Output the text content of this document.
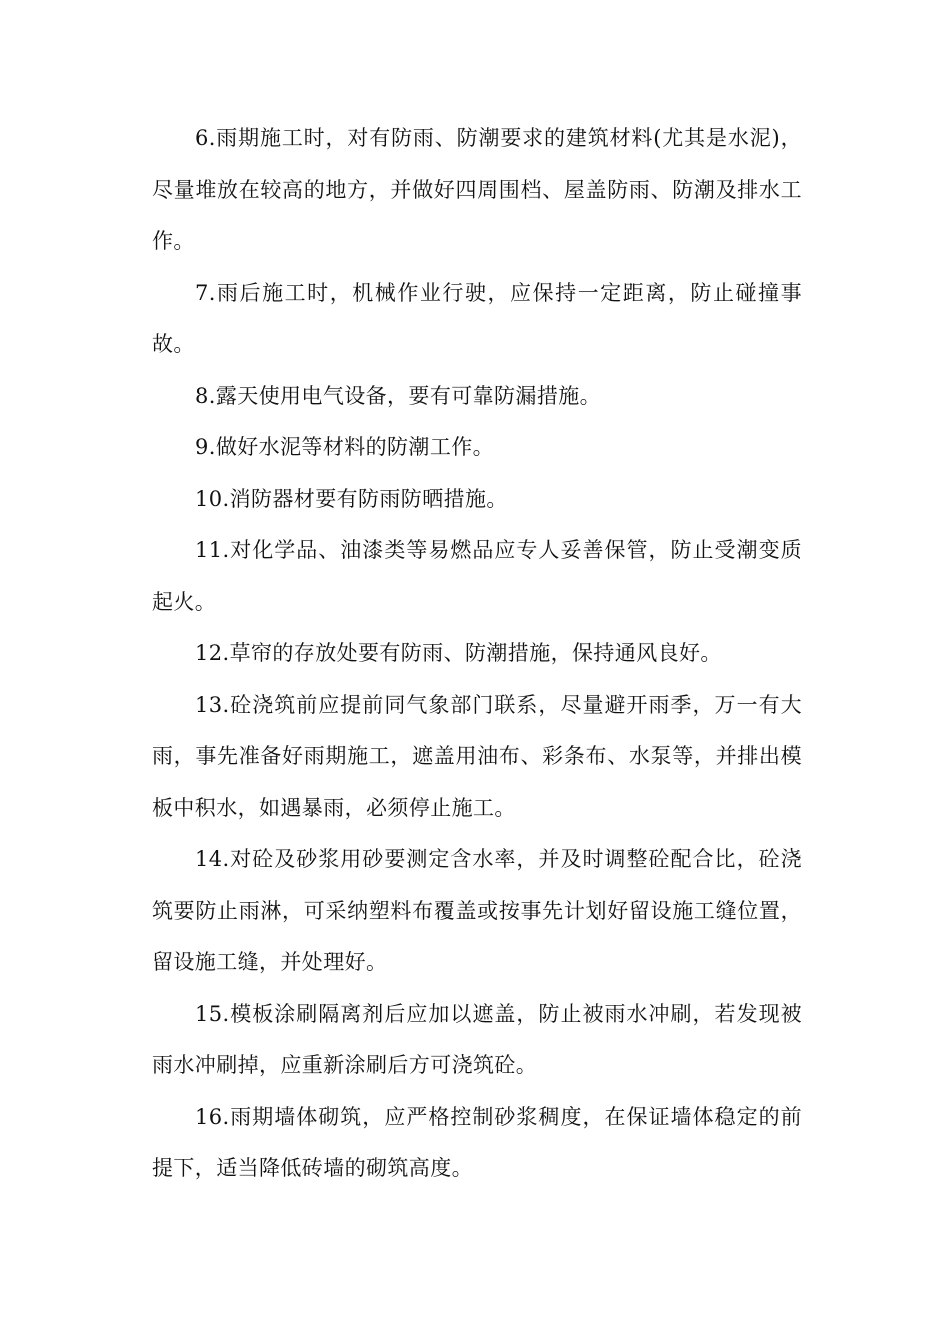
6.雨期施工时，对有防雨、防潮要求的建筑材料(尤其是水泥)，尽量堆放在较高的地方，并做好四周围档、屋盖防雨、防潮及排水工作。

7.雨后施工时，机械作业行驶，应保持一定距离，防止碰撞事故。

8.露天使用电气设备，要有可靠防漏措施。

9.做好水泥等材料的防潮工作。

10.消防器材要有防雨防晒措施。

11.对化学品、油漆类等易燃品应专人妥善保管，防止受潮变质起火。

12.草帘的存放处要有防雨、防潮措施，保持通风良好。

13.砼浇筑前应提前同气象部门联系，尽量避开雨季，万一有大雨，事先准备好雨期施工，遮盖用油布、彩条布、水泵等，并排出模板中积水，如遇暴雨，必须停止施工。

14.对砼及砂浆用砂要测定含水率，并及时调整砼配合比，砼浇筑要防止雨淋，可采纳塑料布覆盖或按事先计划好留设施工缝位置，留设施工缝，并处理好。

15.模板涂刷隔离剂后应加以遮盖，防止被雨水冲刷，若发现被雨水冲刷掉，应重新涂刷后方可浇筑砼。

16.雨期墙体砌筑，应严格控制砂浆稠度，在保证墙体稳定的前提下，适当降低砖墙的砌筑高度。
